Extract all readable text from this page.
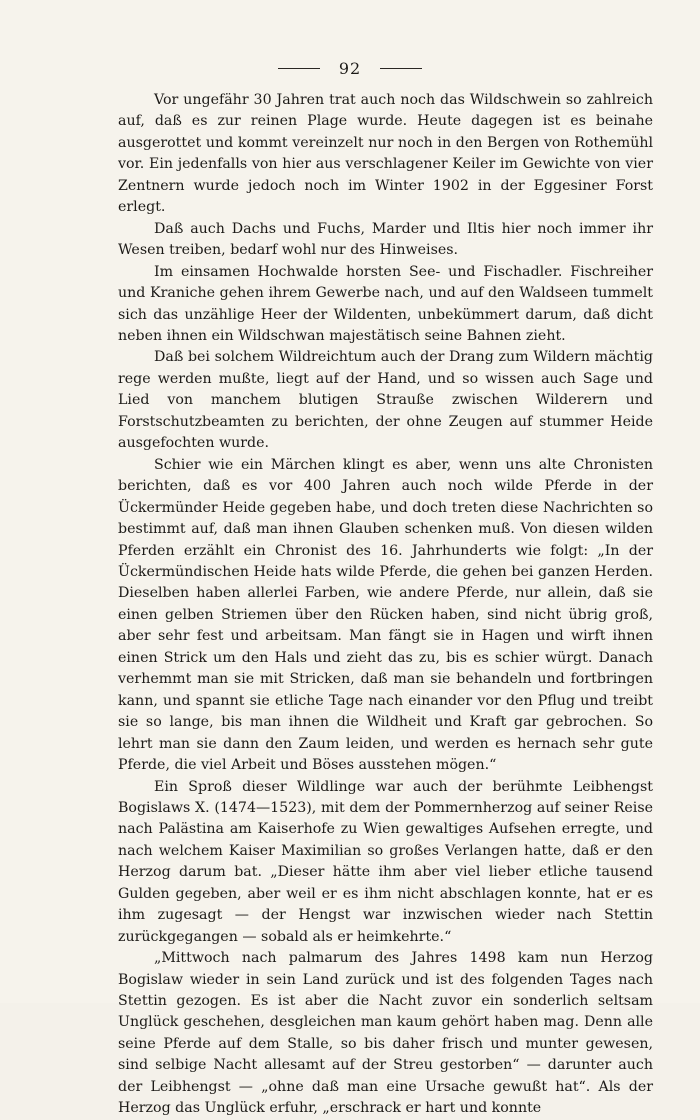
92

Vor ungefähr 30 Jahren trat auch noch das Wildschwein so zahlreich auf, daß es zur reinen Plage wurde. Heute dagegen ist es beinahe ausgerottet und kommt vereinzelt nur noch in den Bergen von Rothemühl vor. Ein jedenfalls von hier aus verschlagener Keiler im Gewichte von vier Zentnern wurde jedoch noch im Winter 1902 in der Eggesiner Forst erlegt.

Daß auch Dachs und Fuchs, Marder und Iltis hier noch immer ihr Wesen treiben, bedarf wohl nur des Hinweises.

Im einsamen Hochwalde horsten See- und Fischadler. Fischreiher und Kraniche gehen ihrem Gewerbe nach, und auf den Waldseen tummelt sich das unzählige Heer der Wildenten, unbekümmert darum, daß dicht neben ihnen ein Wildschwan majestätisch seine Bahnen zieht.

Daß bei solchem Wildreichtum auch der Drang zum Wildern mächtig rege werden mußte, liegt auf der Hand, und so wissen auch Sage und Lied von manchem blutigen Strauße zwischen Wilderern und Forstschutzbeamten zu berichten, der ohne Zeugen auf stummer Heide ausgefochten wurde.

Schier wie ein Märchen klingt es aber, wenn uns alte Chronisten berichten, daß es vor 400 Jahren auch noch wilde Pferde in der Ückermünder Heide gegeben habe, und doch treten diese Nachrichten so bestimmt auf, daß man ihnen Glauben schenken muß. Von diesen wilden Pferden erzählt ein Chronist des 16. Jahrhunderts wie folgt: „In der Ückermündischen Heide hats wilde Pferde, die gehen bei ganzen Herden. Dieselben haben allerlei Farben, wie andere Pferde, nur allein, daß sie einen gelben Striemen über den Rücken haben, sind nicht übrig groß, aber sehr fest und arbeitsam. Man fängt sie in Hagen und wirft ihnen einen Strick um den Hals und zieht das zu, bis es schier würgt. Danach verhemmt man sie mit Stricken, daß man sie behandeln und fortbringen kann, und spannt sie etliche Tage nach einander vor den Pflug und treibt sie so lange, bis man ihnen die Wildheit und Kraft gar gebrochen. So lehrt man sie dann den Zaum leiden, und werden es hernach sehr gute Pferde, die viel Arbeit und Böses ausstehen mögen.“

Ein Sproß dieser Wildlinge war auch der berühmte Leibhengst Bogislaws X. (1474—1523), mit dem der Pommernherzog auf seiner Reise nach Palästina am Kaiserhofe zu Wien gewaltiges Aufsehen erregte, und nach welchem Kaiser Maximilian so großes Verlangen hatte, daß er den Herzog darum bat. „Dieser hätte ihm aber viel lieber etliche tausend Gulden gegeben, aber weil er es ihm nicht abschlagen konnte, hat er es ihm zugesagt — der Hengst war inzwischen wieder nach Stettin zurückgegangen — sobald als er heimkehrte.“

„Mittwoch nach palmarum des Jahres 1498 kam nun Herzog Bogislaw wieder in sein Land zurück und ist des folgenden Tages nach Stettin gezogen. Es ist aber die Nacht zuvor ein sonderlich seltsam Unglück geschehen, desgleichen man kaum gehört haben mag. Denn alle seine Pferde auf dem Stalle, so bis daher frisch und munter gewesen, sind selbige Nacht allesamt auf der Streu gestorben“ — darunter auch der Leibhengst — „ohne daß man eine Ursache gewußt hat“. Als der Herzog das Unglück erfuhr, „erschrack er hart und konnte
